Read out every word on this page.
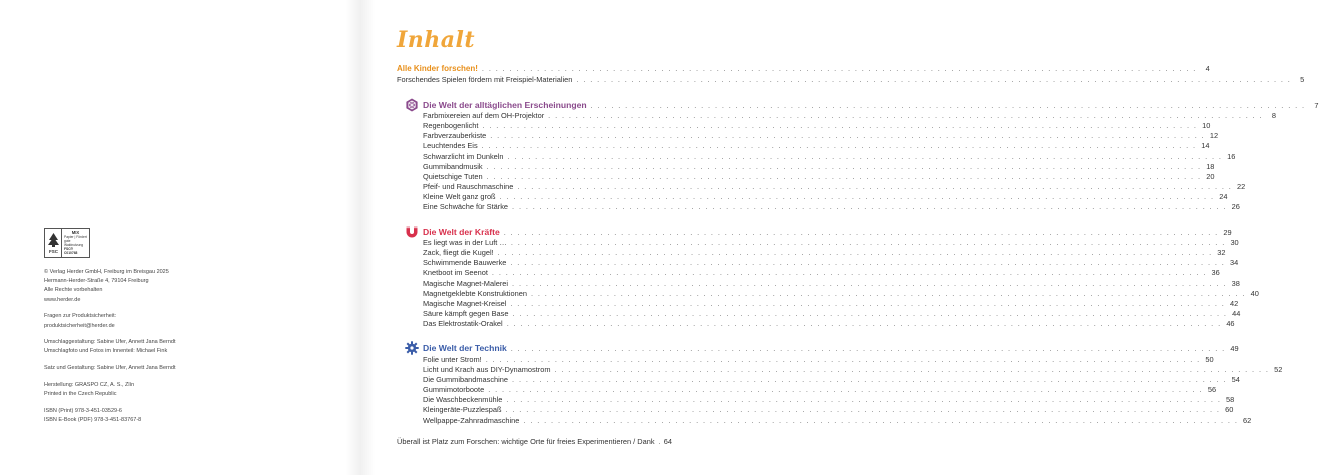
FSC
MIX
Papier | Fördert
gute Waldnutzung
FSC® C010768

© Verlag Herder GmbH, Freiburg im Breisgau 2025

Hermann-Herder-Straße 4, 79104 Freiburg

Alle Rechte vorbehalten

www.herder.de

Fragen zur Produktsicherheit:

produktsicherheit@herder.de

Umschlaggestaltung: Sabine Ufer, Annett Jana Berndt

Umschlagfoto und Fotos im Innenteil: Michael Fink

Satz und Gestaltung: Sabine Ufer, Annett Jana Berndt

Herstellung: GRASPO CZ, A. S., Zlín

Printed in the Czech Republic

ISBN (Print) 978-3-451-03529-6

ISBN E-Book (PDF) 978-3-451-83767-8

Inhalt
Alle Kinder forschen! . . .	4
Forschendes Spielen fördern mit Freispiel-Materialien . . .	5
Die Welt der alltäglichen Erscheinungen . . .	7
Farbmixereien auf dem OH-Projektor . . .	8
Regenbogenlicht . . .	10
Farbverzauberkiste . . .	12
Leuchtendes Eis . . .	14
Schwarzlicht im Dunkeln . . .	16
Gummibandmusik . . .	18
Quietschige Tuten . . .	20
Pfeif- und Rauschmaschine . . .	22
Kleine Welt ganz groß . . .	24
Eine Schwäche für Stärke . . .	26
Die Welt der Kräfte . . .	29
Es liegt was in der Luft … . . .	30
Zack, fliegt die Kugel! . . .	32
Schwimmende Bauwerke . . .	34
Knetboot im Seenot . . .	36
Magische Magnet-Malerei . . .	38
Magnetgeklebte Konstruktionen . . .	40
Magische Magnet-Kreisel . . .	42
Säure kämpft gegen Base . . .	44
Das Elektrostatik-Orakel . . .	46
Die Welt der Technik . . .	49
Folie unter Strom! . . .	50
Licht und Krach aus DIY-Dynamostrom . . .	52
Die Gummibandmaschine . . .	54
Gummimotorboote . . .	56
Die Waschbeckenmühle . . .	58
Kleingeräte-Puzzlespaß . . .	60
Wellpappe-Zahnradmaschine . . .	62
Überall ist Platz zum Forschen: wichtige Orte für freies Experimentieren / Dank . . . 64
